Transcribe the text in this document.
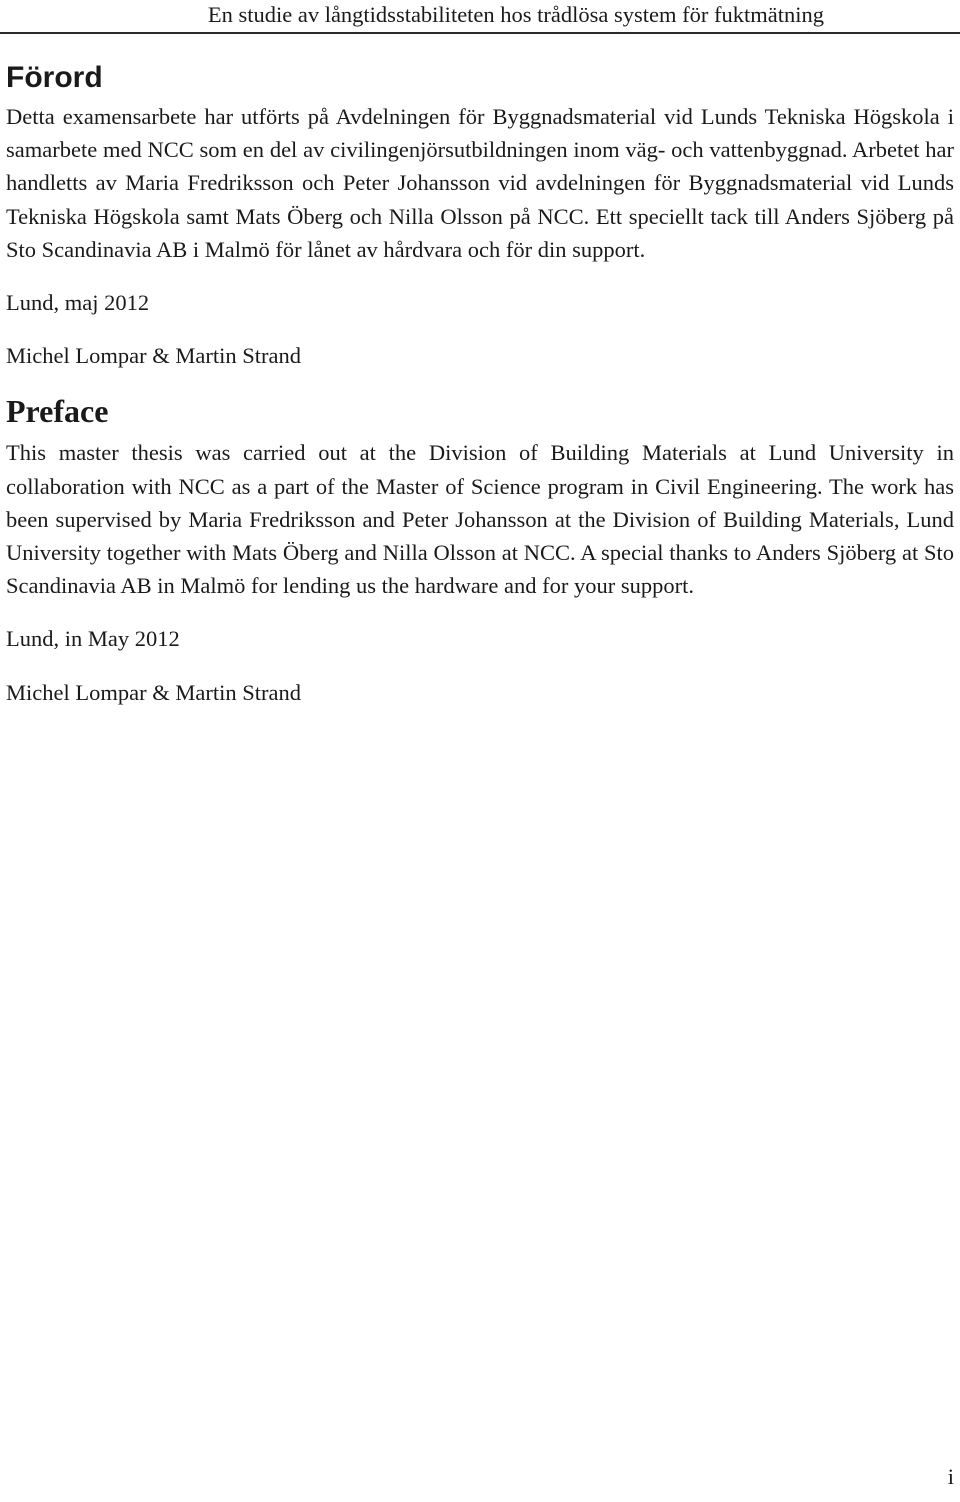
En studie av långtidsstabiliteten hos trådlösa system för fuktmätning
Förord

Detta examensarbete har utförts på Avdelningen för Byggnadsmaterial vid Lunds Tekniska Högskola i samarbete med NCC som en del av civilingenjörsutbildningen inom väg- och vattenbyggnad. Arbetet har handletts av Maria Fredriksson och Peter Johansson vid avdelningen för Byggnadsmaterial vid Lunds Tekniska Högskola samt Mats Öberg och Nilla Olsson på NCC. Ett speciellt tack till Anders Sjöberg på Sto Scandinavia AB i Malmö för lånet av hårdvara och för din support.

Lund, maj 2012

Michel Lompar & Martin Strand

Preface

This master thesis was carried out at the Division of Building Materials at Lund University in collaboration with NCC as a part of the Master of Science program in Civil Engineering. The work has been supervised by Maria Fredriksson and Peter Johansson at the Division of Building Materials, Lund University together with Mats Öberg and Nilla Olsson at NCC. A special thanks to Anders Sjöberg at Sto Scandinavia AB in Malmö for lending us the hardware and for your support.

Lund, in May 2012

Michel Lompar & Martin Strand

i
